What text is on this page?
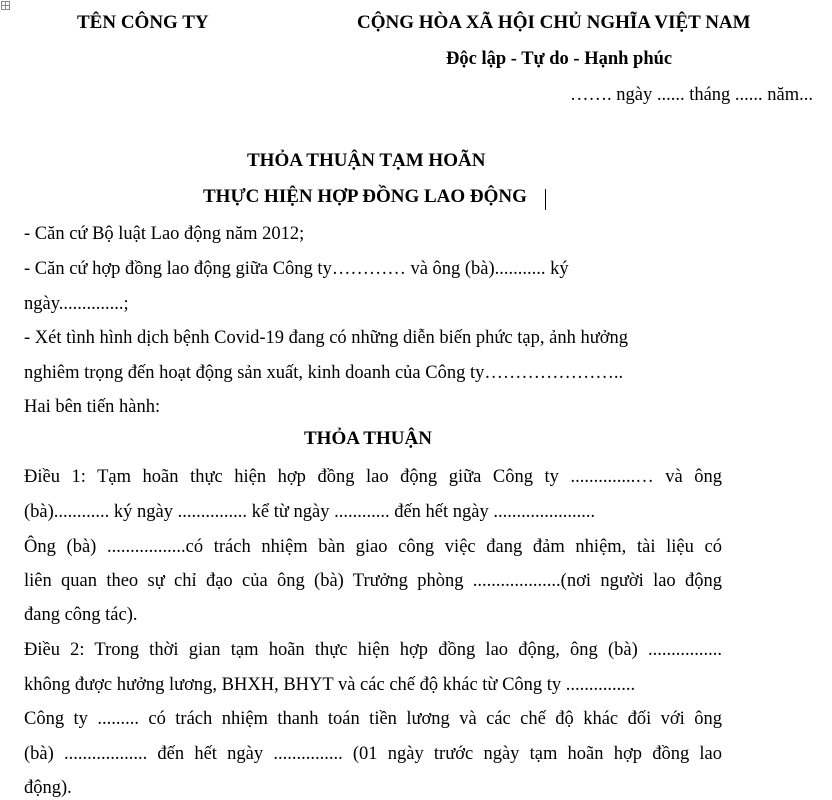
TÊN CÔNG TY	CỘNG HÒA XÃ HỘI CHỦ NGHĨA VIỆT NAM
Độc lập - Tự do - Hạnh phúc
……. ngày ...... tháng ...... năm...
THỎA THUẬN TẠM HOÃN
THỰC HIỆN HỢP ĐỒNG LAO ĐỘNG
- Căn cứ Bộ luật Lao động năm 2012;
- Căn cứ hợp đồng lao động giữa Công ty………… và ông (bà)........... ký
ngày..............;
- Xét tình hình dịch bệnh Covid-19 đang có những diễn biến phức tạp, ảnh hưởng
nghiêm trọng đến hoạt động sản xuất, kinh doanh của Công ty…………………..
Hai bên tiến hành:
THỎA THUẬN
Điều 1: Tạm hoãn thực hiện hợp đồng lao động giữa Công ty ..............… và ông
(bà)............ ký ngày ............... kể từ ngày ............ đến hết ngày ......................
Ông (bà) .................có trách nhiệm bàn giao công việc đang đảm nhiệm, tài liệu có
liên quan theo sự chỉ đạo của ông (bà) Trưởng phòng ...................(nơi người lao động
đang công tác).
Điều 2: Trong thời gian tạm hoãn thực hiện hợp đồng lao động, ông (bà) ................
không được hưởng lương, BHXH, BHYT và các chế độ khác từ Công ty ...............
Công ty ......... có trách nhiệm thanh toán tiền lương và các chế độ khác đối với ông
(bà) .................. đến hết ngày ............... (01 ngày trước ngày tạm hoãn hợp đồng lao
động).
